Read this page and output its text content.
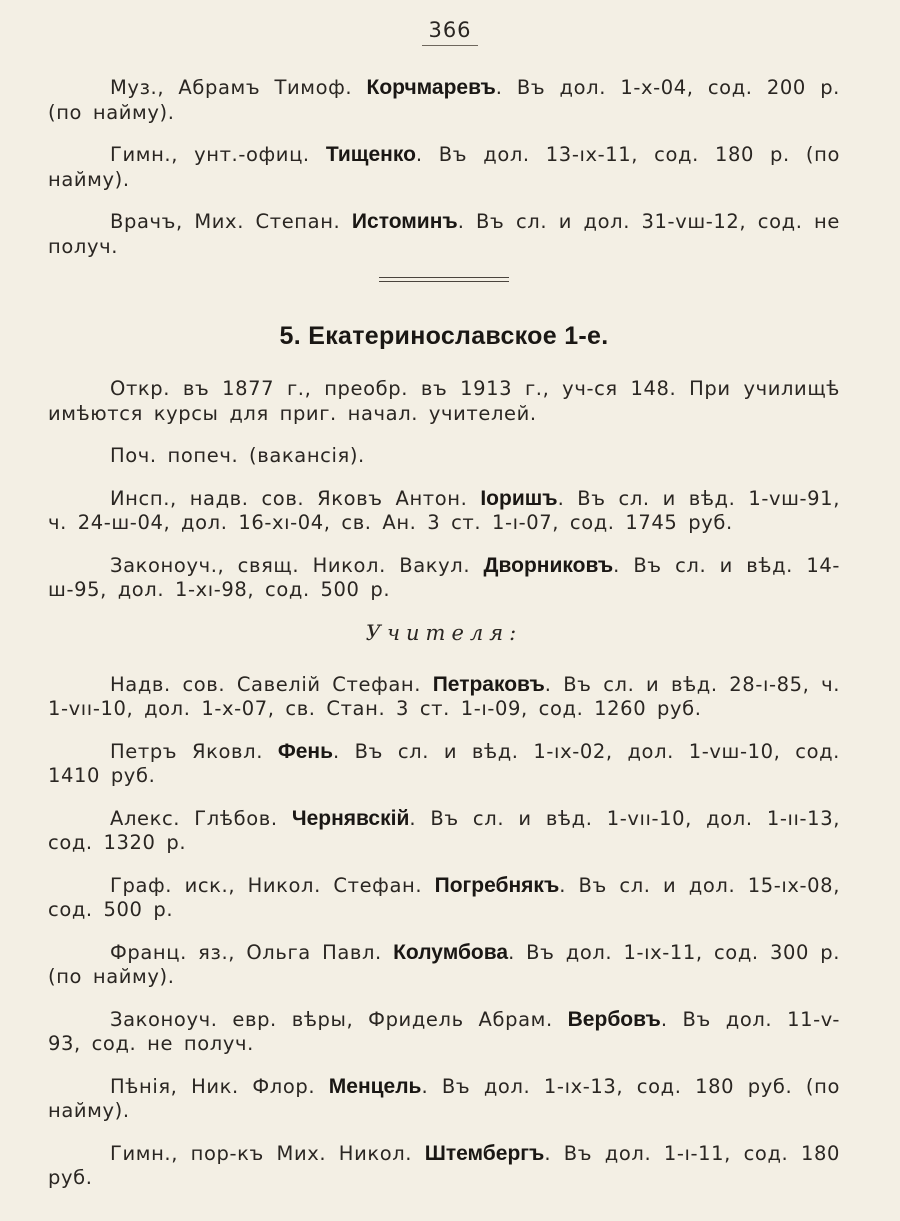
366

Муз., Абрамъ Тимоф. Корчмаревъ. Въ дол. 1-х-04, сод. 200 р. (по найму).

Гимн., унт.-офиц. Тищенко. Въ дол. 13-ıx-11, сод. 180 р. (по найму).

Врачъ, Мих. Степан. Истоминъ. Въ сл. и дол. 31-vш-12, сод. не получ.

5. Екатеринославское 1-е.

Откр. въ 1877 г., преобр. въ 1913 г., уч-ся 148. При училищѣ имѣются курсы для приг. начал. учителей.

Поч. попеч. (вакансія).

Инсп., надв. сов. Яковъ Антон. Іоришъ. Въ сл. и вѣд. 1-vш-91, ч. 24-ш-04, дол. 16-xı-04, св. Ан. 3 ст. 1-ı-07, сод. 1745 руб.

Законоуч., свящ. Никол. Вакул. Дворниковъ. Въ сл. и вѣд. 14-ш-95, дол. 1-xı-98, сод. 500 р.

Учителя:

Надв. сов. Савелій Стефан. Петраковъ. Въ сл. и вѣд. 28-ı-85, ч. 1-vıı-10, дол. 1-х-07, св. Стан. 3 ст. 1-ı-09, сод. 1260 руб.

Петръ Яковл. Фень. Въ сл. и вѣд. 1-ıx-02, дол. 1-vш-10, сод. 1410 руб.

Алекс. Глѣбов. Чернявскій. Въ сл. и вѣд. 1-vıı-10, дол. 1-ıı-13, сод. 1320 р.

Граф. иск., Никол. Стефан. Погребнякъ. Въ сл. и дол. 15-ıx-08, сод. 500 р.

Франц. яз., Ольга Павл. Колумбова. Въ дол. 1-ıx-11, сод. 300 р. (по найму).

Законоуч. евр. вѣры, Фридель Абрам. Вербовъ. Въ дол. 11-v-93, сод. не получ.

Пѣнія, Ник. Флор. Менцель. Въ дол. 1-ıx-13, сод. 180 руб. (по найму).

Гимн., пор-къ Мих. Никол. Штембергъ. Въ дол. 1-ı-11, сод. 180 руб.
